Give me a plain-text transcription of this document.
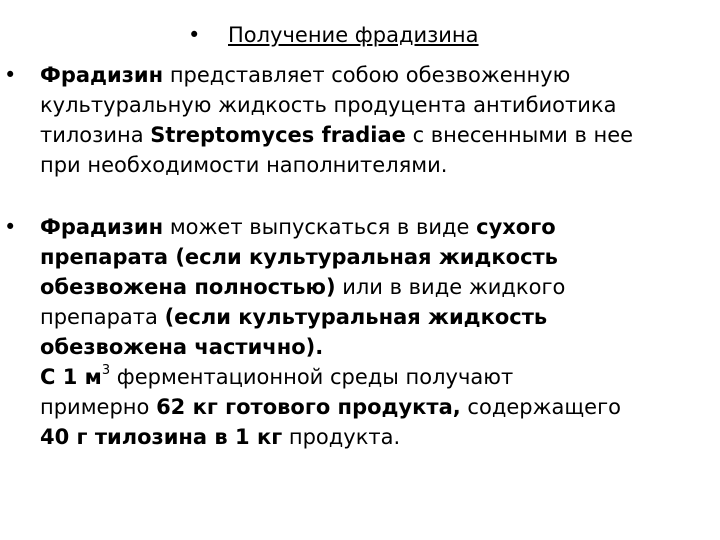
• Получение фрадизина
• Фрадизин представляет собою обезвоженную
культуральную жидкость продуцента антибиотика
тилозина Streptomyces fradiae с внесенными в нее
при необходимости наполнителями.
• Фрадизин может выпускаться в виде сухого
препарата (если культуральная жидкость
обезвожена полностью) или в виде жидкого
препарата (если культуральная жидкость
обезвожена частично).
С 1 $м^3$ ферментационной среды получают
примерно 62 кг готового продукта, содержащего
40 г тилозина в 1 кг продукта.
